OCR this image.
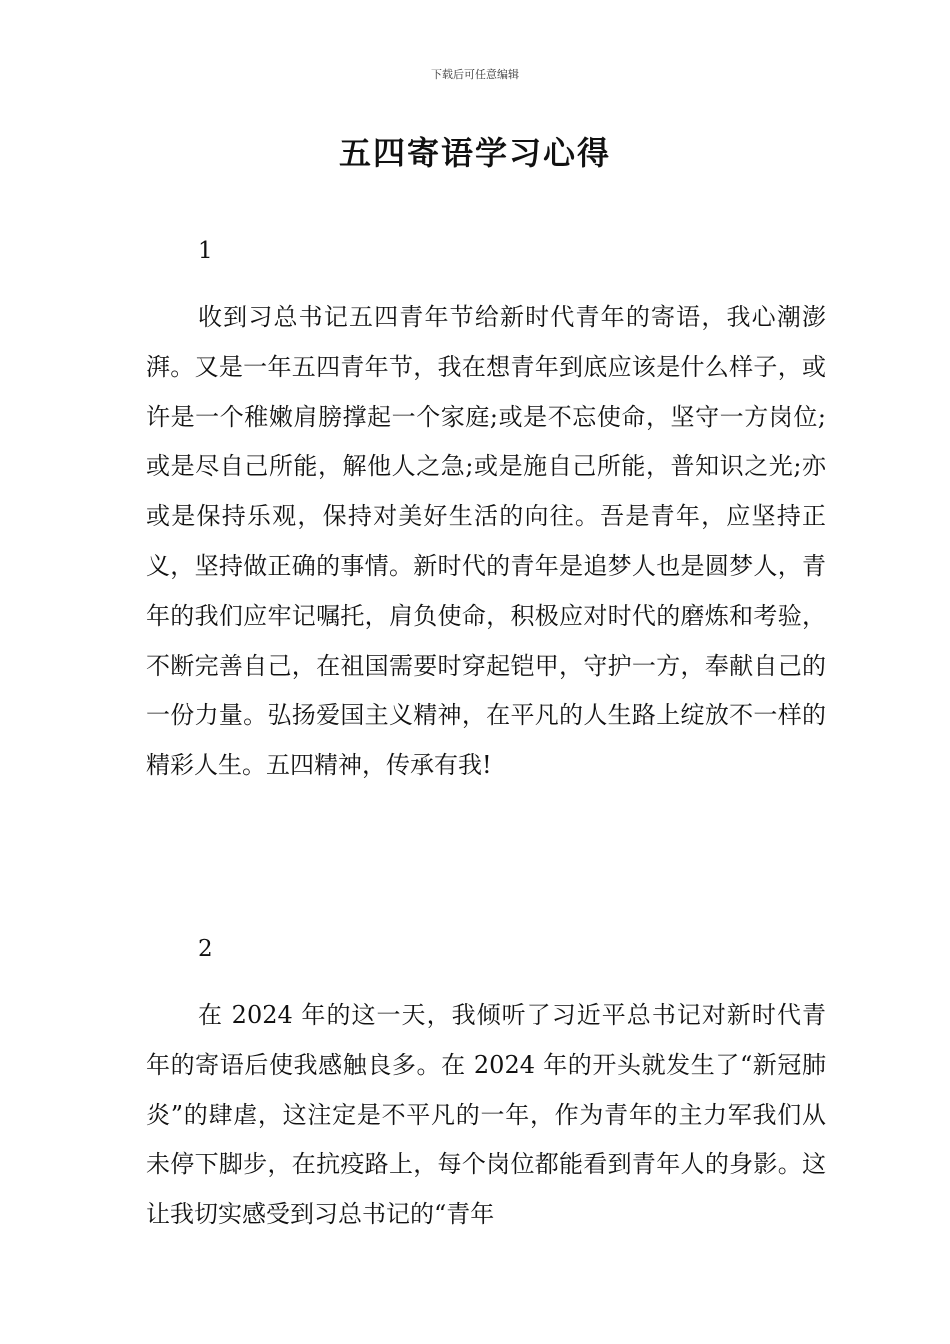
下载后可任意编辑
五四寄语学习心得
1

收到习总书记五四青年节给新时代青年的寄语，我心潮澎湃。又是一年五四青年节，我在想青年到底应该是什么样子，或许是一个稚嫩肩膀撑起一个家庭;或是不忘使命，坚守一方岗位;或是尽自己所能，解他人之急;或是施自己所能，普知识之光;亦或是保持乐观，保持对美好生活的向往。吾是青年，应坚持正义，坚持做正确的事情。新时代的青年是追梦人也是圆梦人，青年的我们应牢记嘱托，肩负使命，积极应对时代的磨炼和考验，不断完善自己，在祖国需要时穿起铠甲，守护一方，奉献自己的一份力量。弘扬爱国主义精神，在平凡的人生路上绽放不一样的精彩人生。五四精神，传承有我!

2

在 2024 年的这一天，我倾听了习近平总书记对新时代青年的寄语后使我感触良多。在 2024 年的开头就发生了“新冠肺炎”的肆虐，这注定是不平凡的一年，作为青年的主力军我们从未停下脚步，在抗疫路上，每个岗位都能看到青年人的身影。这让我切实感受到习总书记的“青年
